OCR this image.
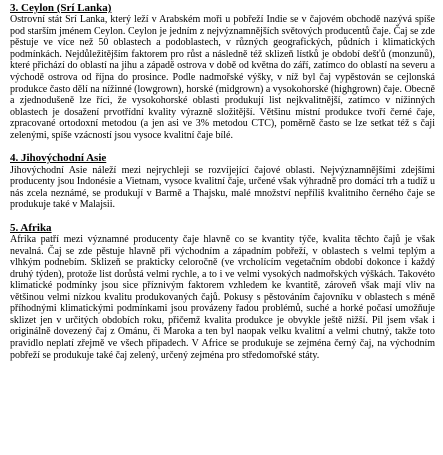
3. Ceylon (Srí Lanka)

Ostrovní stát Srí Lanka, který leží v Arabském moři u pobřeží Indie se v čajovém obchodě nazývá spíše pod starším jménem Ceylon. Ceylon je jedním z nejvýznamnějších světových producentů čaje. Čaj se zde pěstuje ve více než 50 oblastech a podoblastech, v různých geografických, půdních i klimatických podmínkách. Nejdůležitějším faktorem pro růst a následně též sklizeň lístků je období dešťů (monzunů), které přichází do oblastí na jihu a západě ostrova v době od května do září, zatímco do oblastí na severu a východě ostrova od října do prosince. Podle nadmořské výšky, v níž byl čaj vypěstován se cejlonská produkce často dělí na nížinné (lowgrown), horské (midgrown) a vysokohorské (highgrown) čaje. Obecně a zjednodušeně lze říci, že vysokohorské oblasti produkují list nejkvalitnější, zatímco v nížinných oblastech je dosažení prvotřídní kvality výrazně složitější. Většinu místní produkce tvoří černé čaje, zpracované ortodoxní metodou (a jen asi ve 3% metodou CTC), poměrně často se lze setkat též s čaji zelenými, spíše vzácností jsou vysoce kvalitní čaje bílé.

4. Jihovýchodní Asie

Jihovýchodní Asie náleží mezi nejrychleji se rozvíjející čajové oblasti. Nejvýznamnějšími zdejšími producenty jsou Indonésie a Vietnam, vysoce kvalitní čaje, určené však výhradně pro domácí trh a tudíž u nás zcela neznámé, se produkují v Barmě a Thajsku, malé množství nepříliš kvalitního černého čaje se produkuje také v Malajsii.

5. Afrika

Afrika patří mezi významné producenty čaje hlavně co se kvantity týče, kvalita těchto čajů je však nevalná. Čaj se zde pěstuje hlavně při východním a západním pobřeží, v oblastech s velmi teplým a vlhkým podnebím. Sklizeň se prakticky celoročně (ve vrcholícím vegetačním období dokonce i každý druhý týden), protože list dorůstá velmi rychle, a to i ve velmi vysokých nadmořských výškách. Takovéto klimatické podmínky jsou sice příznivým faktorem vzhledem ke kvantitě, zároveň však mají vliv na většinou velmi nízkou kvalitu produkovaných čajů. Pokusy s pěstováním čajovníku v oblastech s méně příhodnými klimatickými podmínkami jsou provázeny řadou problémů, suché a horké počasí umožňuje sklizet jen v určitých obdobích roku, přičemž kvalita produkce je obvykle ještě nižší. Pil jsem však i originálně dovezený čaj z Ománu, či Maroka a ten byl naopak velku kvalitní a velmi chutný, takže toto pravidlo neplatí zřejmě ve všech případech. V Africe se produkuje se zejména černý čaj, na východním pobřeží se produkuje také čaj zelený, určený zejména pro středomořské státy.
